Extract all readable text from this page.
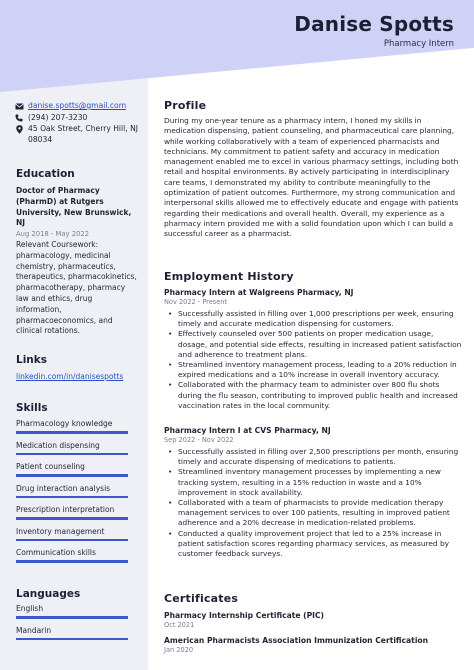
Danise Spotts
Pharmacy Intern
danise.spotts@gmail.com
(294) 207-3230
45 Oak Street, Cherry Hill, NJ 08034
Education
Doctor of Pharmacy (PharmD) at Rutgers University, New Brunswick, NJ
Aug 2018 - May 2022
Relevant Coursework: pharmacology, medicinal chemistry, pharmaceutics, therapeutics, pharmacokinetics, pharmacotherapy, pharmacy law and ethics, drug information, pharmacoeconomics, and clinical rotations.
Links
linkedin.com/in/danisespotts
Skills
Pharmacology knowledge
Medication dispensing
Patient counseling
Drug interaction analysis
Prescription interpretation
Inventory management
Communication skills
Languages
English
Mandarin
Profile
During my one-year tenure as a pharmacy intern, I honed my skills in medication dispensing, patient counseling, and pharmaceutical care planning, while working collaboratively with a team of experienced pharmacists and technicians. My commitment to patient safety and accuracy in medication management enabled me to excel in various pharmacy settings, including both retail and hospital environments. By actively participating in interdisciplinary care teams, I demonstrated my ability to contribute meaningfully to the optimization of patient outcomes. Furthermore, my strong communication and interpersonal skills allowed me to effectively educate and engage with patients regarding their medications and overall health. Overall, my experience as a pharmacy intern provided me with a solid foundation upon which I can build a successful career as a pharmacist.
Employment History
Pharmacy Intern at Walgreens Pharmacy, NJ
Nov 2022 - Present
• Successfully assisted in filling over 1,000 prescriptions per week, ensuring timely and accurate medication dispensing for customers.
• Effectively counseled over 500 patients on proper medication usage, dosage, and potential side effects, resulting in increased patient satisfaction and adherence to treatment plans.
• Streamlined inventory management process, leading to a 20% reduction in expired medications and a 10% increase in overall inventory accuracy.
• Collaborated with the pharmacy team to administer over 800 flu shots during the flu season, contributing to improved public health and increased vaccination rates in the local community.
Pharmacy Intern I at CVS Pharmacy, NJ
Sep 2022 - Nov 2022
• Successfully assisted in filling over 2,500 prescriptions per month, ensuring timely and accurate dispensing of medications to patients.
• Streamlined inventory management processes by implementing a new tracking system, resulting in a 15% reduction in waste and a 10% improvement in stock availability.
• Collaborated with a team of pharmacists to provide medication therapy management services to over 100 patients, resulting in improved patient adherence and a 20% decrease in medication-related problems.
• Conducted a quality improvement project that led to a 25% increase in patient satisfaction scores regarding pharmacy services, as measured by customer feedback surveys.
Certificates
Pharmacy Internship Certificate (PIC)
Oct 2021
American Pharmacists Association Immunization Certification
Jan 2020
